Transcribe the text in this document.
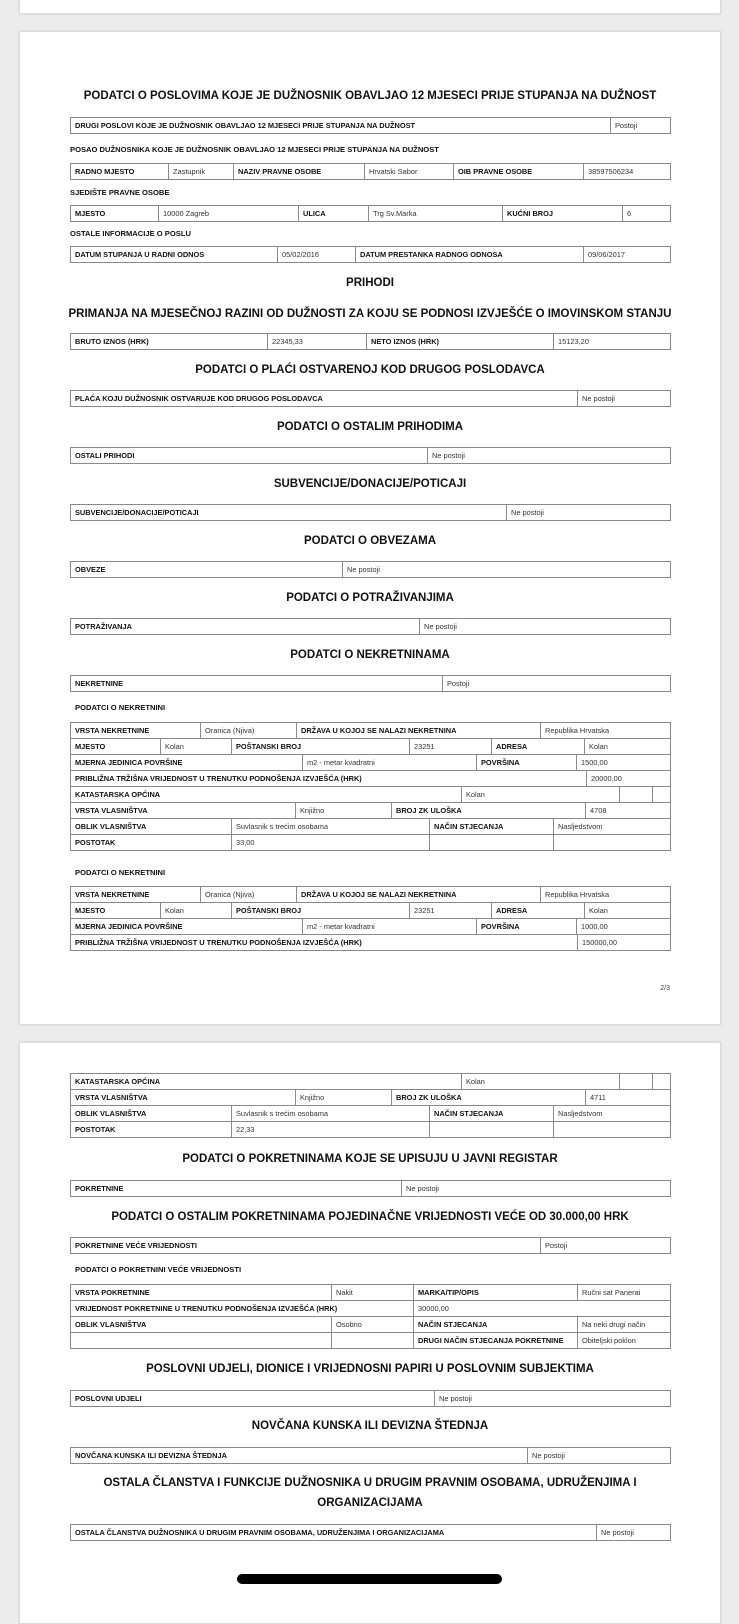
PODATCI O POSLOVIMA KOJE JE DUŽNOSNIK OBAVLJAO 12 MJESECI PRIJE STUPANJA NA DUŽNOST
DRUGI POSLOVI KOJE JE DUŽNOSNIK OBAVLJAO 12 MJESECI PRIJE STUPANJA NA DUŽNOST	Postoji
POSAO DUŽNOSNIKA KOJE JE DUŽNOSNIK OBAVLJAO 12 MJESECI PRIJE STUPANJA NA DUŽNOST
RADNO MJESTO	Zastupnik	NAZIV PRAVNE OSOBE	Hrvatski Sabor	OIB PRAVNE OSOBE	38597506234
SJEDIŠTE PRAVNE OSOBE
MJESTO	10000 Zagreb	ULICA	Trg Sv.Marka	KUĆNI BROJ	6
OSTALE INFORMACIJE O POSLU
DATUM STUPANJA U RADNI ODNOS	05/02/2016	DATUM PRESTANKA RADNOG ODNOSA	09/06/2017
PRIHODI
PRIMANJA NA MJESEČNOJ RAZINI OD DUŽNOSTI ZA KOJU SE PODNOSI IZVJEŠĆE O IMOVINSKOM STANJU
BRUTO IZNOS (HRK)	22345,33	NETO IZNOS (HRK)	15123,20
PODATCI O PLAĆI OSTVARENOJ KOD DRUGOG POSLODAVCA
PLAĆA KOJU DUŽNOSNIK OSTVARUJE KOD DRUGOG POSLODAVCA	Ne postoji
PODATCI O OSTALIM PRIHODIMA
OSTALI PRIHODI	Ne postoji
SUBVENCIJE/DONACIJE/POTICAJI
SUBVENCIJE/DONACIJE/POTICAJI	Ne postoji
PODATCI O OBVEZAMA
OBVEZE	Ne postoji
PODATCI O POTRAŽIVANJIMA
POTRAŽIVANJA	Ne postoji
PODATCI O NEKRETNINAMA
NEKRETNINE	Postoji
PODATCI O NEKRETNINI
VRSTA NEKRETNINE	Oranica (Njiva)	DRŽAVA U KOJOJ SE NALAZI NEKRETNINA	Republika Hrvatska
MJESTO	Kolan	POŠTANSKI BROJ	23251	ADRESA	Kolan
MJERNA JEDINICA POVRŠINE	m2 - metar kvadratni	POVRŠINA	1500,00
PRIBLIŽNA TRŽIŠNA VRIJEDNOST U TRENUTKU PODNOŠENJA IZVJEŠĆA (HRK)	20000,00
KATASTARSKA OPĆINA	Kolan		
VRSTA VLASNIŠTVA	Knjižno	BROJ ZK ULOŠKA	4708
OBLIK VLASNIŠTVA	Suvlasnik s trećim osobama	NAČIN STJECANJA	Nasljedstvom
POSTOTAK	33,00		
PODATCI O NEKRETNINI
VRSTA NEKRETNINE	Oranica (Njiva)	DRŽAVA U KOJOJ SE NALAZI NEKRETNINA	Republika Hrvatska
MJESTO	Kolan	POŠTANSKI BROJ	23251	ADRESA	Kolan
MJERNA JEDINICA POVRŠINE	m2 - metar kvadratni	POVRŠINA	1000,00
PRIBLIŽNA TRŽIŠNA VRIJEDNOST U TRENUTKU PODNOŠENJA IZVJEŠĆA (HRK)	150000,00
2/3
KATASTARSKA OPĆINA	Kolan		
VRSTA VLASNIŠTVA	Knjižno	BROJ ZK ULOŠKA	4711
OBLIK VLASNIŠTVA	Suvlasnik s trećim osobama	NAČIN STJECANJA	Nasljedstvom
POSTOTAK	22,33		
PODATCI O POKRETNINAMA KOJE SE UPISUJU U JAVNI REGISTAR
POKRETNINE	Ne postoji
PODATCI O OSTALIM POKRETNINAMA POJEDINAČNE VRIJEDNOSTI VEĆE OD 30.000,00 HRK
POKRETNINE VEĆE VRIJEDNOSTI	Postoji
PODATCI O POKRETNINI VEĆE VRIJEDNOSTI
VRSTA POKRETNINE	Nakit	MARKA/TIP/OPIS	Ručni sat Panerai
VRIJEDNOST POKRETNINE U TRENUTKU PODNOŠENJA IZVJEŠĆA (HRK)	30000,00
OBLIK VLASNIŠTVA	Osobno	NAČIN STJECANJA	Na neki drugi način
		DRUGI NAČIN STJECANJA POKRETNINE	Obiteljski poklon
POSLOVNI UDJELI, DIONICE I VRIJEDNOSNI PAPIRI U POSLOVNIM SUBJEKTIMA
POSLOVNI UDJELI	Ne postoji
NOVČANA KUNSKA ILI DEVIZNA ŠTEDNJA
NOVČANA KUNSKA ILI DEVIZNA ŠTEDNJA	Ne postoji
OSTALA ČLANSTVA I FUNKCIJE DUŽNOSNIKA U DRUGIM PRAVNIM OSOBAMA, UDRUŽENJIMA I
ORGANIZACIJAMA
OSTALA ČLANSTVA DUŽNOSNIKA U DRUGIM PRAVNIM OSOBAMA, UDRUŽENJIMA I ORGANIZACIJAMA	Ne postoji
